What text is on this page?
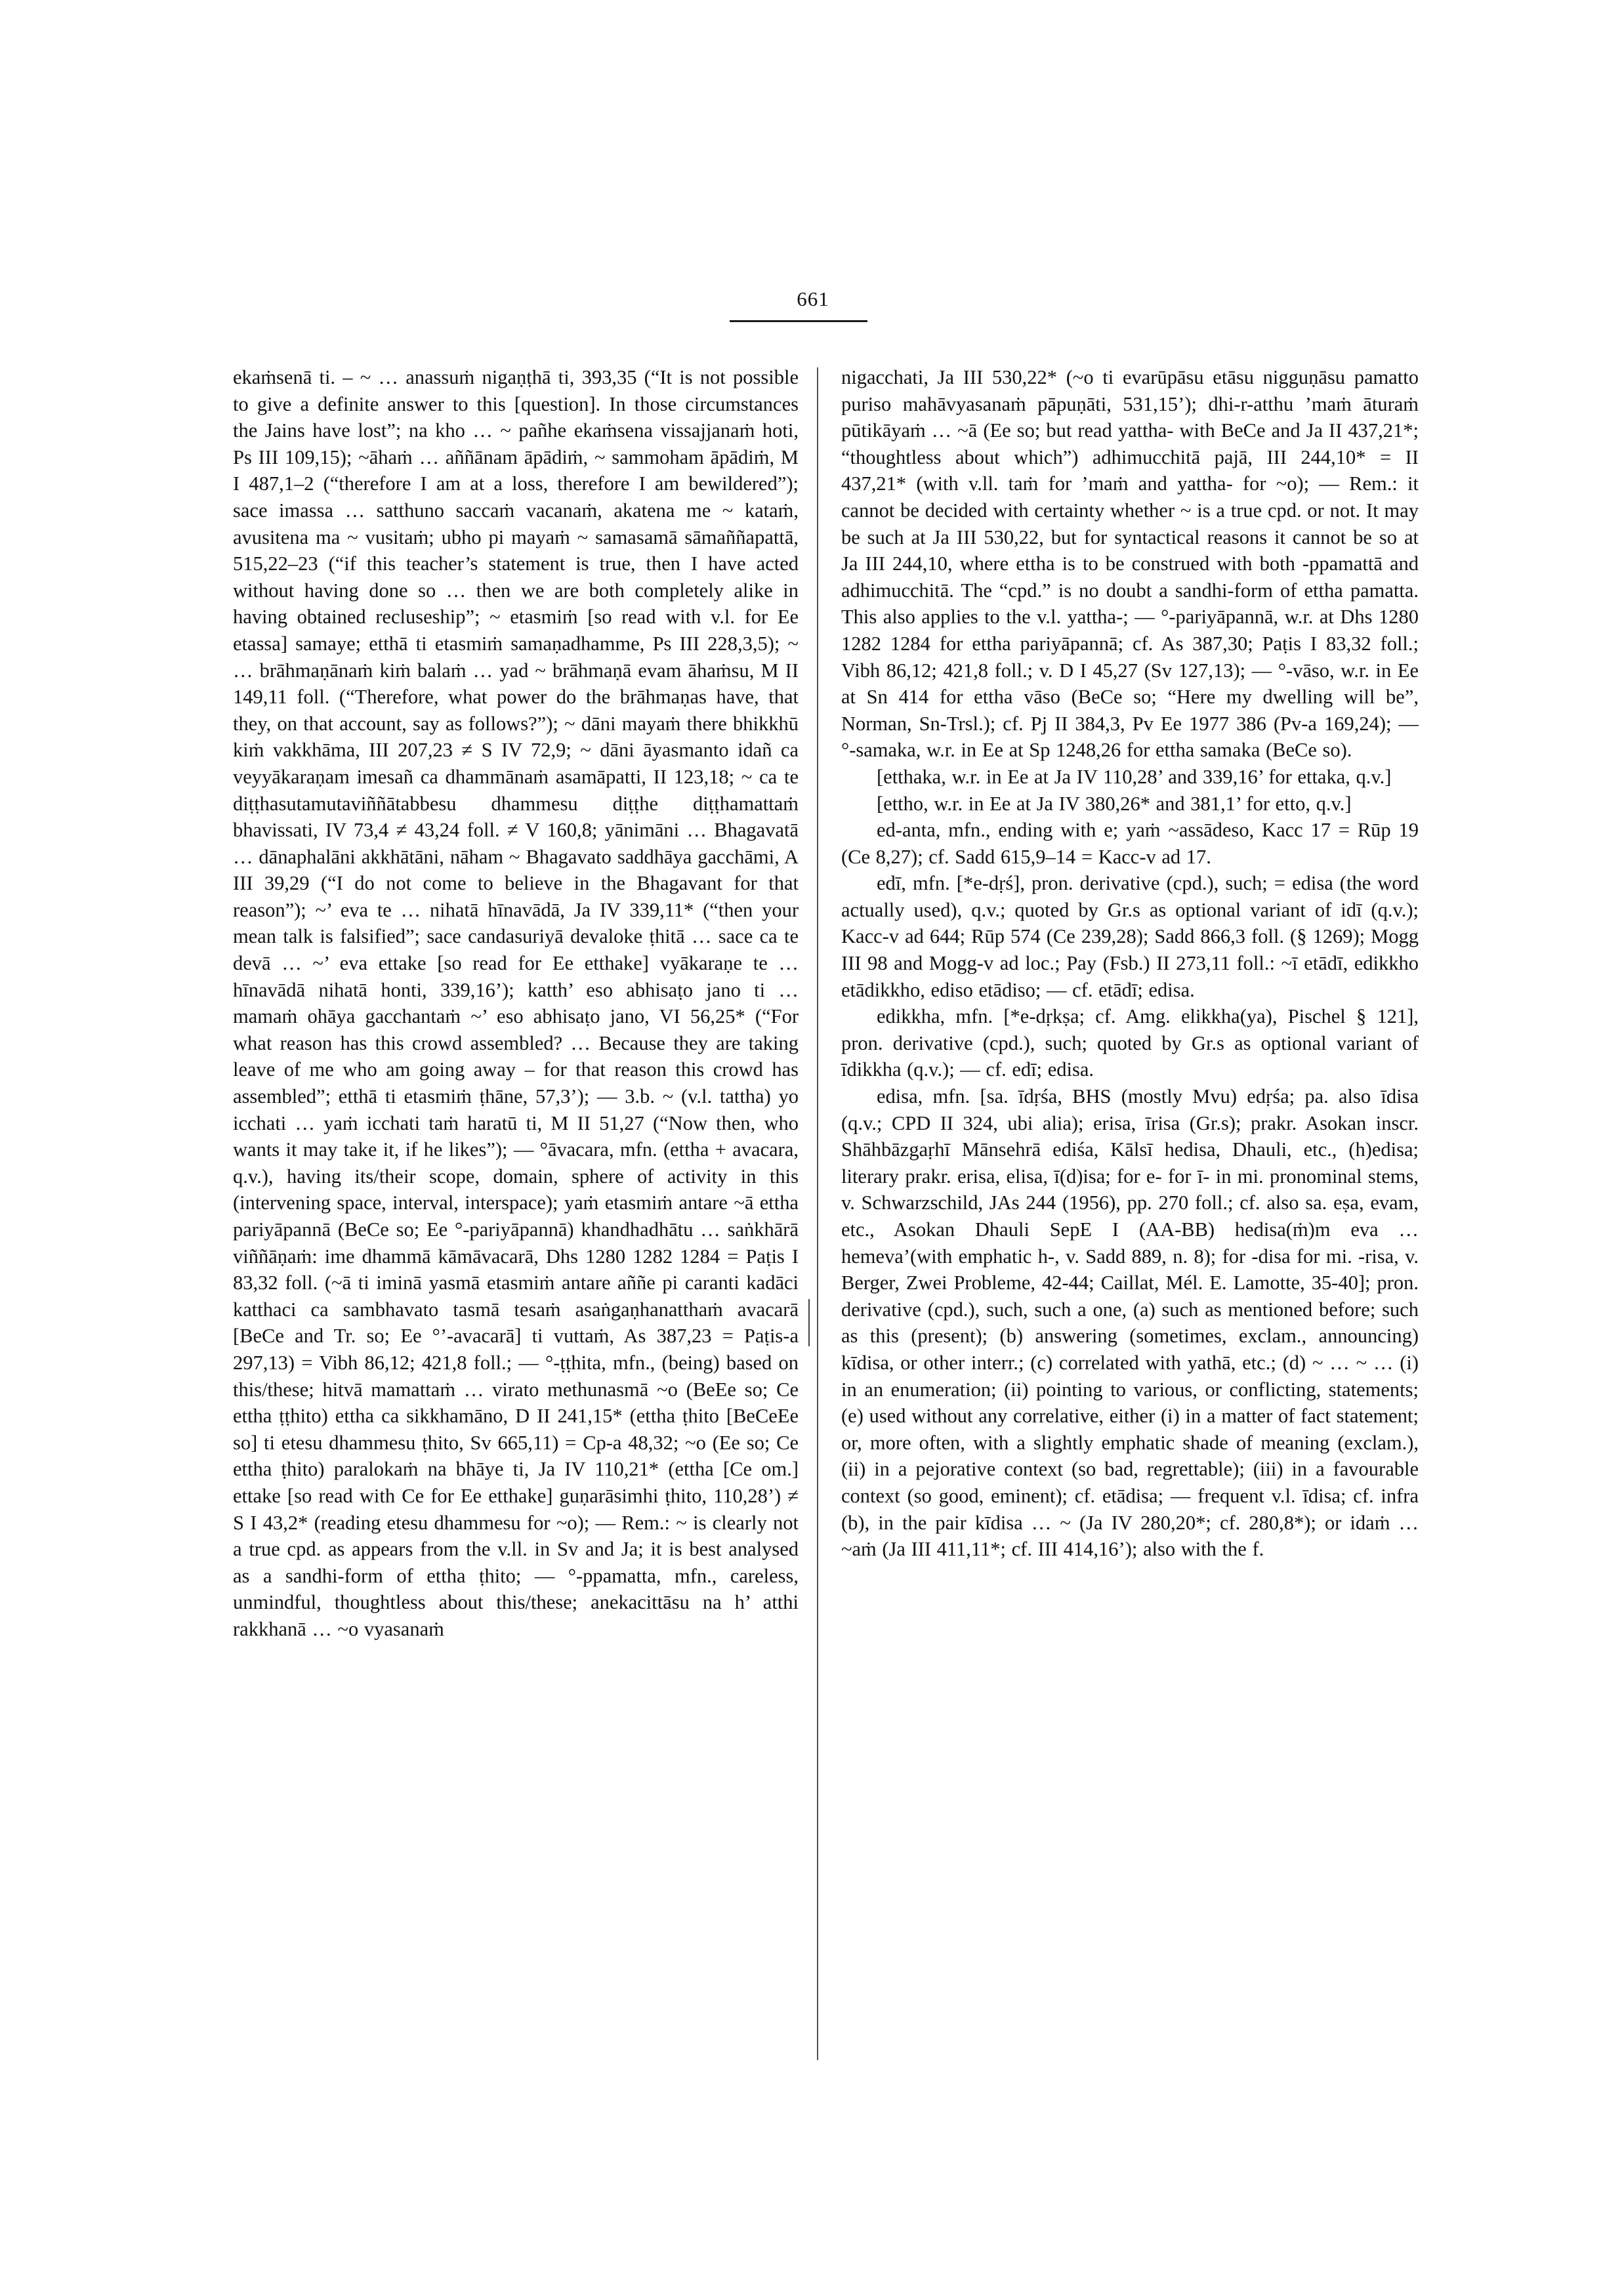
661

ekaṁsenā ti. – ~ … anassuṁ nigaṇṭhā ti, 393,35 (“It is not possible to give a definite answer to this [question]. In those circumstances the Jains have lost”; na kho … ~ pañhe ekaṁsena vissajjanaṁ hoti, Ps III 109,15); ~āhaṁ … aññānam āpādiṁ, ~ sammoham āpādiṁ, M I 487,1–2 (“therefore I am at a loss, therefore I am bewildered”); sace imassa … satthuno saccaṁ vacanaṁ, akatena me ~ kataṁ, avusitena ma ~ vusitaṁ; ubho pi mayaṁ ~ samasamā sāmaññapattā, 515,22–23 (“if this teacher’s statement is true, then I have acted without having done so … then we are both completely alike in having obtained recluseship”; ~ etasmiṁ [so read with v.l. for Ee etassa] samaye; etthā ti etasmiṁ samaṇadhamme, Ps III 228,3,5); ~ … brāhmaṇānaṁ kiṁ balaṁ … yad ~ brāhmaṇā evam āhaṁsu, M II 149,11 foll. (“Therefore, what power do the brāhmaṇas have, that they, on that account, say as follows?”); ~ dāni mayaṁ there bhikkhū kiṁ vakkhāma, III 207,23 ≠ S IV 72,9; ~ dāni āyasmanto idañ ca veyyākaraṇam imesañ ca dhammānaṁ asamāpatti, II 123,18; ~ ca te diṭṭhasutamutaviññātabbesu dhammesu diṭṭhe diṭṭhamattaṁ bhavissati, IV 73,4 ≠ 43,24 foll. ≠ V 160,8; yānimāni … Bhagavatā … dānaphalāni akkhātāni, nāham ~ Bhagavato saddhāya gacchāmi, A III 39,29 (“I do not come to believe in the Bhagavant for that reason”); ~’ eva te … nihatā hīnavādā, Ja IV 339,11* (“then your mean talk is falsified”; sace candasuriyā devaloke ṭhitā … sace ca te devā … ~’ eva ettake [so read for Ee etthake] vyākaraṇe te … hīnavādā nihatā honti, 339,16’); katth’ eso abhisaṭo jano ti … mamaṁ ohāya gacchantaṁ ~’ eso abhisaṭo jano, VI 56,25* (“For what reason has this crowd assembled? … Because they are taking leave of me who am going away – for that reason this crowd has assembled”; etthā ti etasmiṁ ṭhāne, 57,3’); — 3.b. ~ (v.l. tattha) yo icchati … yaṁ icchati taṁ haratū ti, M II 51,27 (“Now then, who wants it may take it, if he likes”); — °āvacara, mfn. (ettha + avacara, q.v.), having its/their scope, domain, sphere of activity in this (intervening space, interval, interspace); yaṁ etasmiṁ antare ~ā ettha pariyāpannā (BeCe so; Ee °-pariyāpannā) khandhadhātu … saṅkhārā viññāṇaṁ: ime dhammā kāmāvacarā, Dhs 1280 1282 1284 = Paṭis I 83,32 foll. (~ā ti iminā yasmā etasmiṁ antare aññe pi caranti kadāci katthaci ca sambhavato tasmā tesaṁ asaṅgaṇhanatthaṁ avacarā [BeCe and Tr. so; Ee °’-avacarā] ti vuttaṁ, As 387,23 = Paṭis-a 297,13) = Vibh 86,12; 421,8 foll.; — °-ṭṭhita, mfn., (being) based on this/these; hitvā mamattaṁ … virato methunasmā ~o (BeEe so; Ce ettha ṭṭhito) ettha ca sikkhamāno, D II 241,15* (ettha ṭhito [BeCeEe so] ti etesu dhammesu ṭhito, Sv 665,11) = Cp-a 48,32; ~o (Ee so; Ce ettha ṭhito) paralokaṁ na bhāye ti, Ja IV 110,21* (ettha [Ce om.] ettake [so read with Ce for Ee etthake] guṇarāsimhi ṭhito, 110,28’) ≠ S I 43,2* (reading etesu dhammesu for ~o); — Rem.: ~ is clearly not a true cpd. as appears from the v.ll. in Sv and Ja; it is best analysed as a sandhi-form of ettha ṭhito; — °-ppamatta, mfn., careless, unmindful, thoughtless about this/these; anekacittāsu na h’ atthi rakkhanā … ~o vyasanaṁ

nigacchati, Ja III 530,22* (~o ti evarūpāsu etāsu nigguṇāsu pamatto puriso mahāvyasanaṁ pāpuṇāti, 531,15’); dhi-r-atthu ’maṁ āturaṁ pūtikāyaṁ … ~ā (Ee so; but read yattha- with BeCe and Ja II 437,21*; “thoughtless about which”) adhimucchitā pajā, III 244,10* = II 437,21* (with v.ll. taṁ for ’maṁ and yattha- for ~o); — Rem.: it cannot be decided with certainty whether ~ is a true cpd. or not. It may be such at Ja III 530,22, but for syntactical reasons it cannot be so at Ja III 244,10, where ettha is to be construed with both -ppamattā and adhimucchitā. The “cpd.” is no doubt a sandhi-form of ettha pamatta. This also applies to the v.l. yattha-; — °-pariyāpannā, w.r. at Dhs 1280 1282 1284 for ettha pariyāpannā; cf. As 387,30; Paṭis I 83,32 foll.; Vibh 86,12; 421,8 foll.; v. D I 45,27 (Sv 127,13); — °-vāso, w.r. in Ee at Sn 414 for ettha vāso (BeCe so; “Here my dwelling will be”, Norman, Sn-Trsl.); cf. Pj II 384,3, Pv Ee 1977 386 (Pv-a 169,24); — °-samaka, w.r. in Ee at Sp 1248,26 for ettha samaka (BeCe so).

[etthaka, w.r. in Ee at Ja IV 110,28’ and 339,16’ for ettaka, q.v.]

[ettho, w.r. in Ee at Ja IV 380,26* and 381,1’ for etto, q.v.]

ed-anta, mfn., ending with e; yaṁ ~assādeso, Kacc 17 = Rūp 19 (Ce 8,27); cf. Sadd 615,9–14 = Kacc-v ad 17.

edī, mfn. [*e-dṛś], pron. derivative (cpd.), such; = edisa (the word actually used), q.v.; quoted by Gr.s as optional variant of idī (q.v.); Kacc-v ad 644; Rūp 574 (Ce 239,28); Sadd 866,3 foll. (§ 1269); Mogg III 98 and Mogg-v ad loc.; Pay (Fsb.) II 273,11 foll.: ~ī etādī, edikkho etādikkho, ediso etādiso; — cf. etādī; edisa.

edikkha, mfn. [*e-dṛkṣa; cf. Amg. elikkha(ya), Pischel § 121], pron. derivative (cpd.), such; quoted by Gr.s as optional variant of īdikkha (q.v.); — cf. edī; edisa.

edisa, mfn. [sa. īdṛśa, BHS (mostly Mvu) edṛśa; pa. also īdisa (q.v.; CPD II 324, ubi alia); erisa, īrisa (Gr.s); prakr. Asokan inscr. Shāhbāzgaṛhī Mānsehrā ediśa, Kālsī hedisa, Dhauli, etc., (h)edisa; literary prakr. erisa, elisa, ī(d)isa; for e- for ī- in mi. pronominal stems, v. Schwarzschild, JAs 244 (1956), pp. 270 foll.; cf. also sa. eṣa, evam, etc., Asokan Dhauli SepE I (AA-BB) hedisa(ṁ)m eva … hemeva’(with emphatic h-, v. Sadd 889, n. 8); for -disa for mi. -risa, v. Berger, Zwei Probleme, 42-44; Caillat, Mél. E. Lamotte, 35-40]; pron. derivative (cpd.), such, such a one, (a) such as mentioned before; such as this (present); (b) answering (sometimes, exclam., announcing) kīdisa, or other interr.; (c) correlated with yathā, etc.; (d) ~ … ~ … (i) in an enumeration; (ii) pointing to various, or conflicting, statements; (e) used without any correlative, either (i) in a matter of fact statement; or, more often, with a slightly emphatic shade of meaning (exclam.), (ii) in a pejorative context (so bad, regrettable); (iii) in a favourable context (so good, eminent); cf. etādisa; — frequent v.l. īdisa; cf. infra (b), in the pair kīdisa … ~ (Ja IV 280,20*; cf. 280,8*); or idaṁ … ~aṁ (Ja III 411,11*; cf. III 414,16’); also with the f.
